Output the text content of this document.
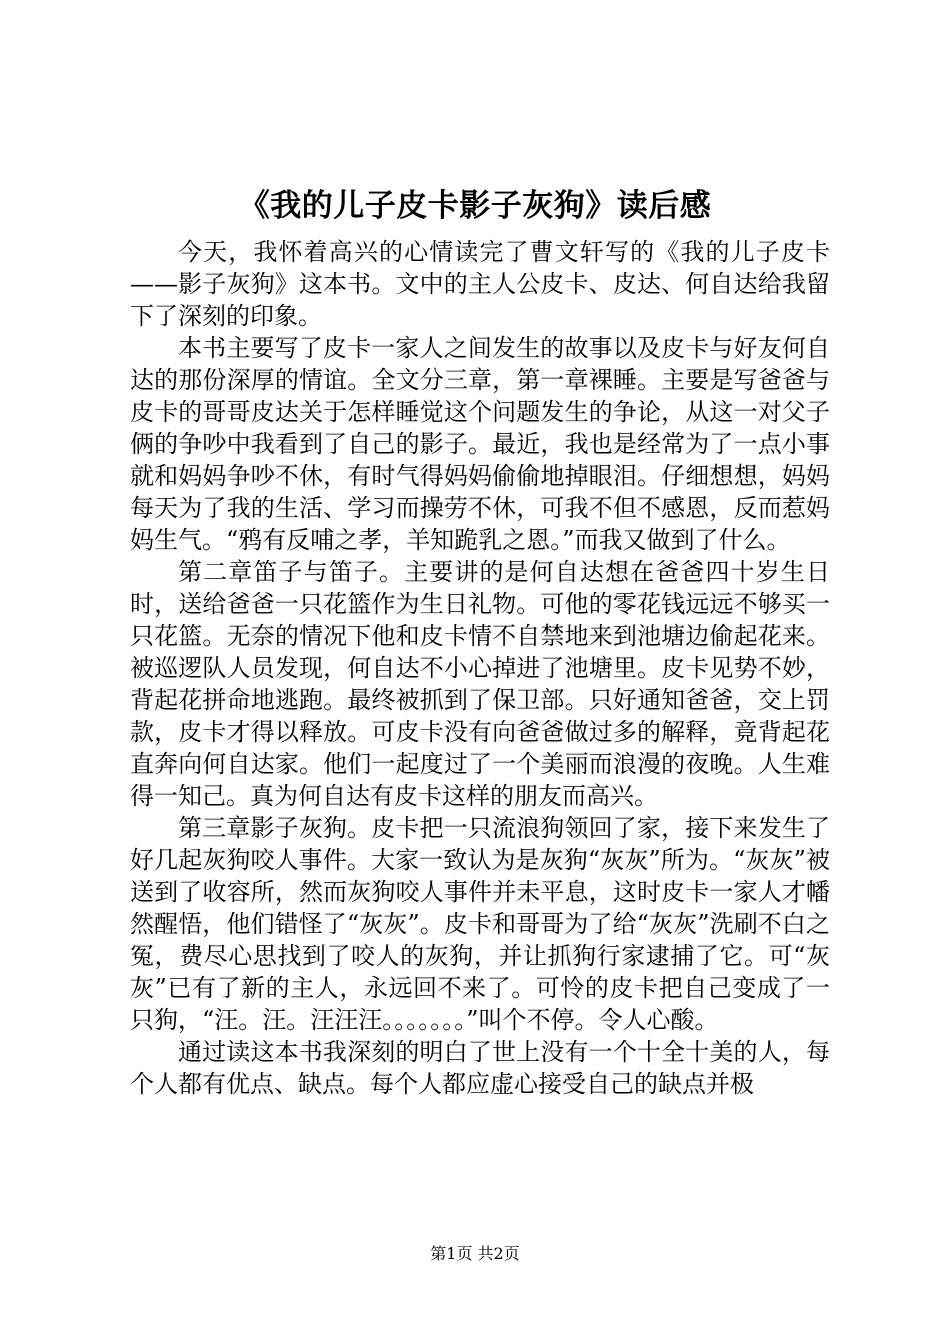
《我的儿子皮卡影子灰狗》读后感

今天，我怀着高兴的心情读完了曹文轩写的《我的儿子皮卡——影子灰狗》这本书。文中的主人公皮卡、皮达、何自达给我留下了深刻的印象。

本书主要写了皮卡一家人之间发生的故事以及皮卡与好友何自达的那份深厚的情谊。全文分三章，第一章裸睡。主要是写爸爸与皮卡的哥哥皮达关于怎样睡觉这个问题发生的争论，从这一对父子俩的争吵中我看到了自己的影子。最近，我也是经常为了一点小事就和妈妈争吵不休，有时气得妈妈偷偷地掉眼泪。仔细想想，妈妈每天为了我的生活、学习而操劳不休，可我不但不感恩，反而惹妈妈生气。“鸦有反哺之孝，羊知跪乳之恩。”而我又做到了什么。

第二章笛子与笛子。主要讲的是何自达想在爸爸四十岁生日时，送给爸爸一只花篮作为生日礼物。可他的零花钱远远不够买一只花篮。无奈的情况下他和皮卡情不自禁地来到池塘边偷起花来。被巡逻队人员发现，何自达不小心掉进了池塘里。皮卡见势不妙，背起花拼命地逃跑。最终被抓到了保卫部。只好通知爸爸，交上罚款，皮卡才得以释放。可皮卡没有向爸爸做过多的解释，竟背起花直奔向何自达家。他们一起度过了一个美丽而浪漫的夜晚。人生难得一知己。真为何自达有皮卡这样的朋友而高兴。

第三章影子灰狗。皮卡把一只流浪狗领回了家，接下来发生了好几起灰狗咬人事件。大家一致认为是灰狗“灰灰”所为。“灰灰”被送到了收容所，然而灰狗咬人事件并未平息，这时皮卡一家人才幡然醒悟，他们错怪了“灰灰”。皮卡和哥哥为了给“灰灰”洗刷不白之冤，费尽心思找到了咬人的灰狗，并让抓狗行家逮捕了它。可“灰灰”已有了新的主人，永远回不来了。可怜的皮卡把自己变成了一只狗，“汪。汪。汪汪汪。。。。。。。”叫个不停。令人心酸。

通过读这本书我深刻的明白了世上没有一个十全十美的人，每个人都有优点、缺点。每个人都应虚心接受自己的缺点并极

第1页 共2页
